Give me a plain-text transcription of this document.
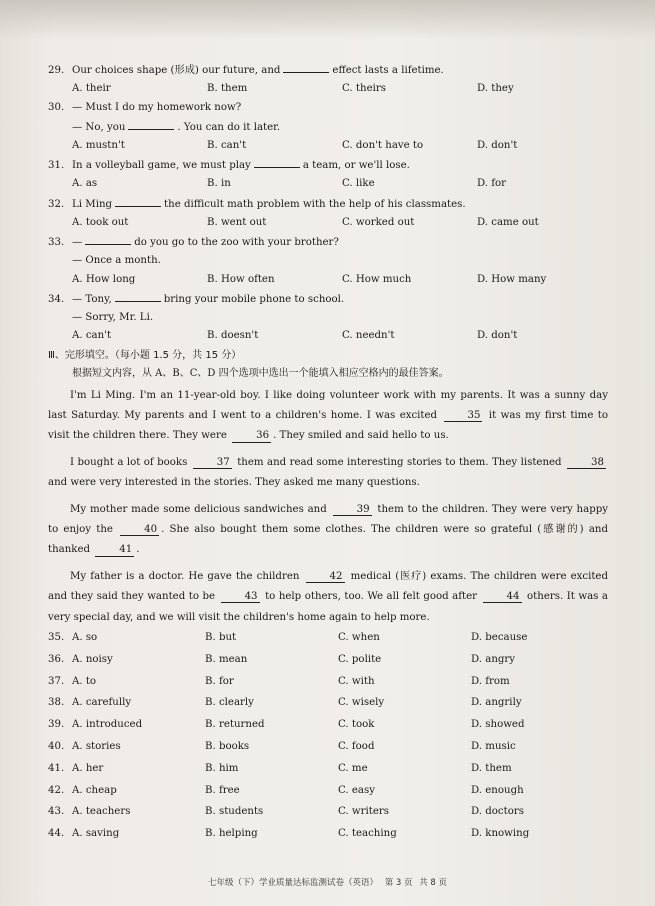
29. Our choices shape (形成) our future, and	effect lasts a lifetime.
A. their	B. them	C. theirs	D. they
30. — Must I do my homework now?
— No, you	. You can do it later.
A. mustn't	B. can't	C. don't have to	D. don't
31. In a volleyball game, we must play	a team, or we'll lose.
A. as	B. in	C. like	D. for
32. Li Ming	the difficult math problem with the help of his classmates.
A. took out	B. went out	C. worked out	D. came out
33. —	do you go to the zoo with your brother?
— Once a month.
A. How long	B. How often	C. How much	D. How many
34. — Tony,	bring your mobile phone to school.
— Sorry, Mr. Li.
A. can't	B. doesn't	C. needn't	D. don't
Ⅲ、完形填空。（每小题 1.5 分，共 15 分）
根据短文内容，从 A、B、C、D 四个选项中选出一个能填入相应空格内的最佳答案。

I'm Li Ming. I'm an 11-year-old boy. I like doing volunteer work with my parents. It was a sunny day last Saturday. My parents and I went to a children's home. I was excited	35 it was my first time to visit the children there. They were	36 . They smiled and said hello to us.

I bought a lot of books	37 them and read some interesting stories to them. They listened	38 and were very interested in the stories. They asked me many questions.

My mother made some delicious sandwiches and	39 them to the children. They were very happy to enjoy the	40 . She also bought them some clothes. The children were so grateful (感谢的) and thanked	41 .

My father is a doctor. He gave the children	42 medical (医疗) exams. The children were excited and they said they wanted to be	43 to help others, too. We all felt good after	44 others. It was a very special day, and we will visit the children's home again to help more.

35. A. so	B. but	C. when	D. because
36. A. noisy	B. mean	C. polite	D. angry
37. A. to	B. for	C. with	D. from
38. A. carefully	B. clearly	C. wisely	D. angrily
39. A. introduced	B. returned	C. took	D. showed
40. A. stories	B. books	C. food	D. music
41. A. her	B. him	C. me	D. them
42. A. cheap	B. free	C. easy	D. enough
43. A. teachers	B. students	C. writers	D. doctors
44. A. saving	B. helping	C. teaching	D. knowing
七年级（下）学业质量达标监测试卷（英语） 第 3 页 共 8 页
